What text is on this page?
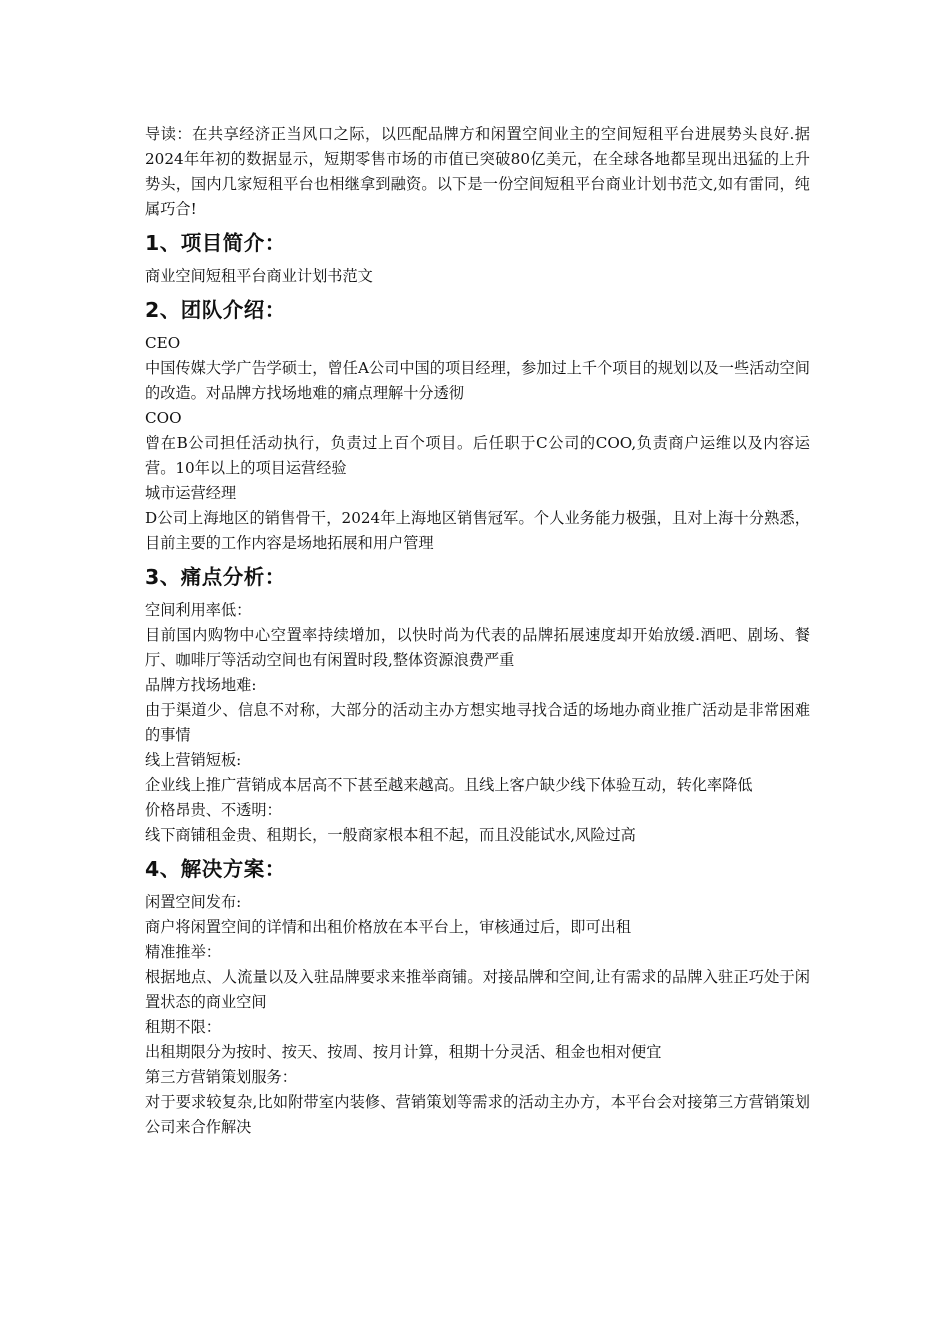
导读：在共享经济正当风口之际，以匹配品牌方和闲置空间业主的空间短租平台进展势头良好.据2024年年初的数据显示，短期零售市场的市值已突破80亿美元，在全球各地都呈现出迅猛的上升势头，国内几家短租平台也相继拿到融资。以下是一份空间短租平台商业计划书范文,如有雷同，纯属巧合!

1、项目简介：

商业空间短租平台商业计划书范文

2、团队介绍：

CEO

中国传媒大学广告学硕士，曾任A公司中国的项目经理，参加过上千个项目的规划以及一些活动空间的改造。对品牌方找场地难的痛点理解十分透彻

COO

曾在B公司担任活动执行，负责过上百个项目。后任职于C公司的COO,负责商户运维以及内容运营。10年以上的项目运营经验

城市运营经理

D公司上海地区的销售骨干，2024年上海地区销售冠军。个人业务能力极强，且对上海十分熟悉，目前主要的工作内容是场地拓展和用户管理

3、痛点分析：

空间利用率低：

目前国内购物中心空置率持续增加，以快时尚为代表的品牌拓展速度却开始放缓.酒吧、剧场、餐厅、咖啡厅等活动空间也有闲置时段,整体资源浪费严重

品牌方找场地难:

由于渠道少、信息不对称，大部分的活动主办方想实地寻找合适的场地办商业推广活动是非常困难的事情

线上营销短板:

企业线上推广营销成本居高不下甚至越来越高。且线上客户缺少线下体验互动，转化率降低

价格昂贵、不透明：

线下商铺租金贵、租期长，一般商家根本租不起，而且没能试水,风险过高

4、解决方案：

闲置空间发布:

商户将闲置空间的详情和出租价格放在本平台上，审核通过后，即可出租

精准推举：

根据地点、人流量以及入驻品牌要求来推举商铺。对接品牌和空间,让有需求的品牌入驻正巧处于闲置状态的商业空间

租期不限：

出租期限分为按时、按天、按周、按月计算，租期十分灵活、租金也相对便宜

第三方营销策划服务：

对于要求较复杂,比如附带室内装修、营销策划等需求的活动主办方，本平台会对接第三方营销策划公司来合作解决
